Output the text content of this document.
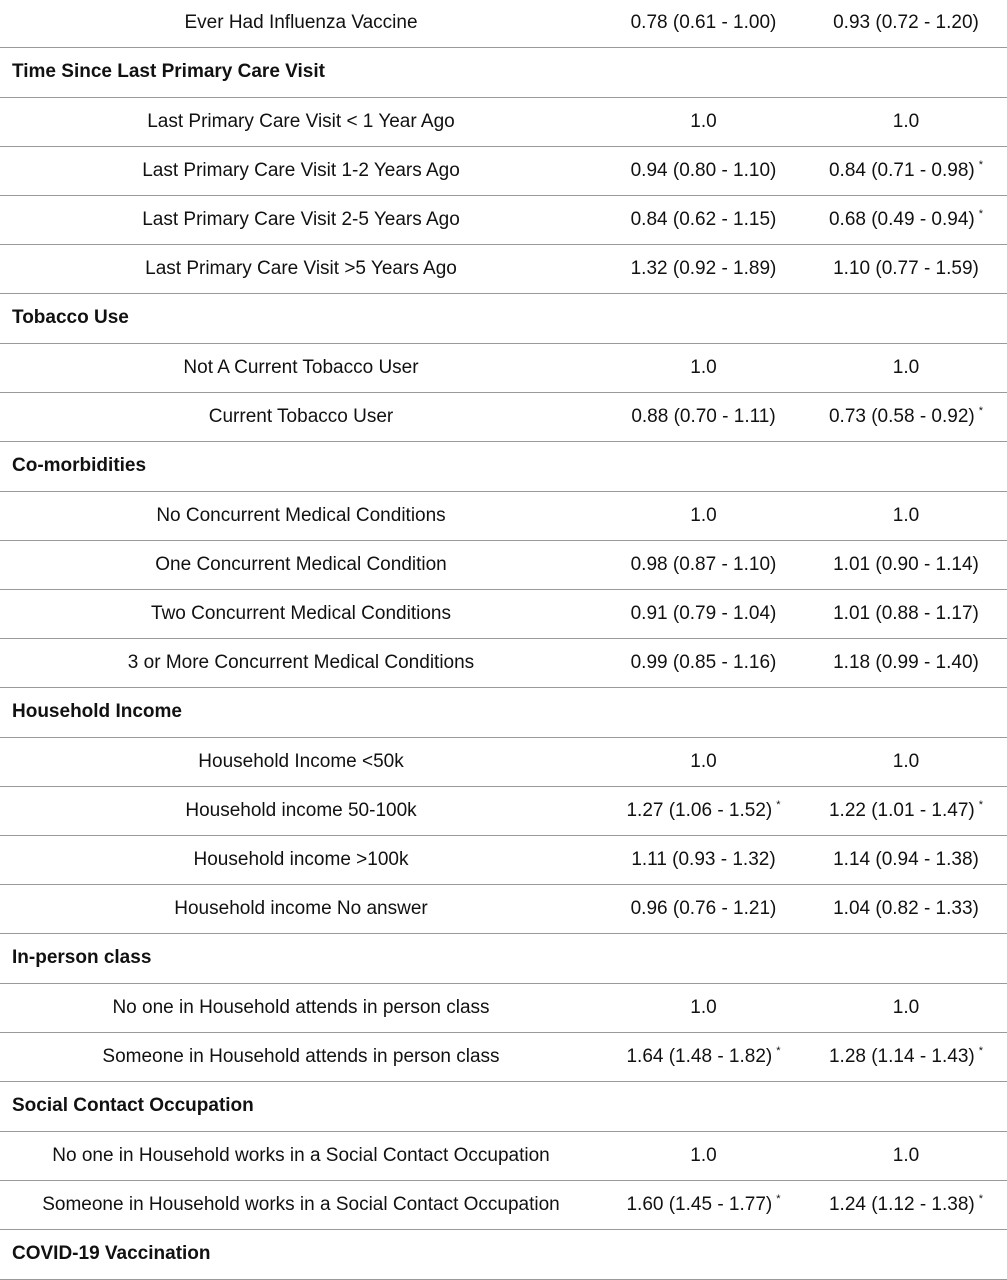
Ever Had Influenza Vaccine	0.78 (0.61 - 1.00)	0.93 (0.72 - 1.20)
Time Since Last Primary Care Visit		
Last Primary Care Visit < 1 Year Ago	1.0	1.0
Last Primary Care Visit 1-2 Years Ago	0.94 (0.80 - 1.10)	0.84 (0.71 - 0.98) *
Last Primary Care Visit 2-5 Years Ago	0.84 (0.62 - 1.15)	0.68 (0.49 - 0.94) *
Last Primary Care Visit >5 Years Ago	1.32 (0.92 - 1.89)	1.10 (0.77 - 1.59)
Tobacco Use		
Not A Current Tobacco User	1.0	1.0
Current Tobacco User	0.88 (0.70 - 1.11)	0.73 (0.58 - 0.92) *
Co-morbidities		
No Concurrent Medical Conditions	1.0	1.0
One Concurrent Medical Condition	0.98 (0.87 - 1.10)	1.01 (0.90 - 1.14)
Two Concurrent Medical Conditions	0.91 (0.79 - 1.04)	1.01 (0.88 - 1.17)
3 or More Concurrent Medical Conditions	0.99 (0.85 - 1.16)	1.18 (0.99 - 1.40)
Household Income		
Household Income <50k	1.0	1.0
Household income 50-100k	1.27 (1.06 - 1.52) *	1.22 (1.01 - 1.47) *
Household income >100k	1.11 (0.93 - 1.32)	1.14 (0.94 - 1.38)
Household income No answer	0.96 (0.76 - 1.21)	1.04 (0.82 - 1.33)
In-person class		
No one in Household attends in person class	1.0	1.0
Someone in Household attends in person class	1.64 (1.48 - 1.82) *	1.28 (1.14 - 1.43) *
Social Contact Occupation		
No one in Household works in a Social Contact Occupation	1.0	1.0
Someone in Household works in a Social Contact Occupation	1.60 (1.45 - 1.77) *	1.24 (1.12 - 1.38) *
COVID-19 Vaccination		
